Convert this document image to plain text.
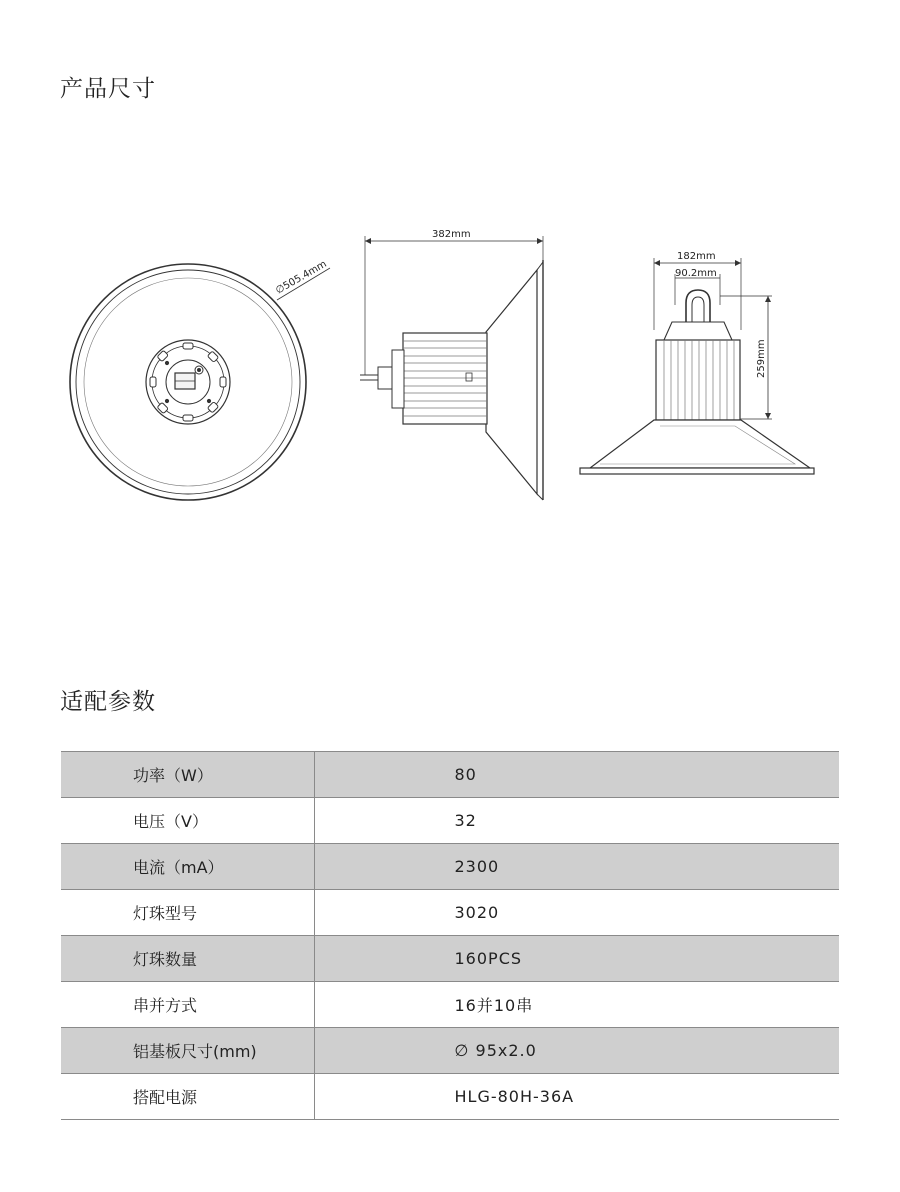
产品尺寸
∅505.4mm
382mm
182mm
90.2mm
259mm
适配参数
功率（W）	80
电压（V）	32
电流（mA）	2300
灯珠型号	3020
灯珠数量	160PCS
串并方式	16并10串
铝基板尺寸(mm)	∅ 95x2.0
搭配电源	HLG-80H-36A
